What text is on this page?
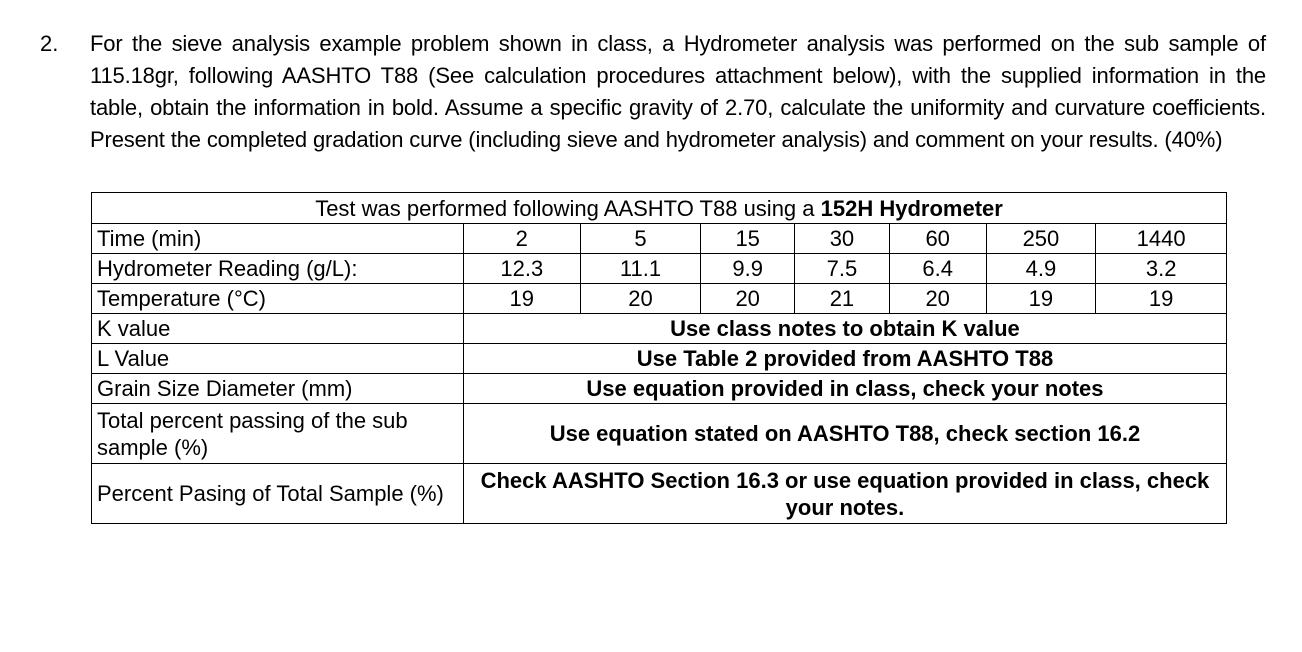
2. For the sieve analysis example problem shown in class, a Hydrometer analysis was performed on the sub sample of 115.18gr, following AASHTO T88 (See calculation procedures attachment below), with the supplied information in the table, obtain the information in bold. Assume a specific gravity of 2.70, calculate the uniformity and curvature coefficients. Present the completed gradation curve (including sieve and hydrometer analysis) and comment on your results. (40%)
Test was performed following AASHTO T88 using a 152H Hydrometer							
Time (min)	2	5	15	30	60	250	1440
Hydrometer Reading (g/L):	12.3	11.1	9.9	7.5	6.4	4.9	3.2
Temperature (°C)	19	20	20	21	20	19	19
K value	Use class notes to obtain K value						
L Value	Use Table 2 provided from AASHTO T88						
Grain Size Diameter (mm)	Use equation provided in class, check your notes						
Total percent passing of the sub sample (%)	Use equation stated on AASHTO T88, check section 16.2						
Percent Pasing of Total Sample (%)	Check AASHTO Section 16.3 or use equation provided in class, check your notes.						
